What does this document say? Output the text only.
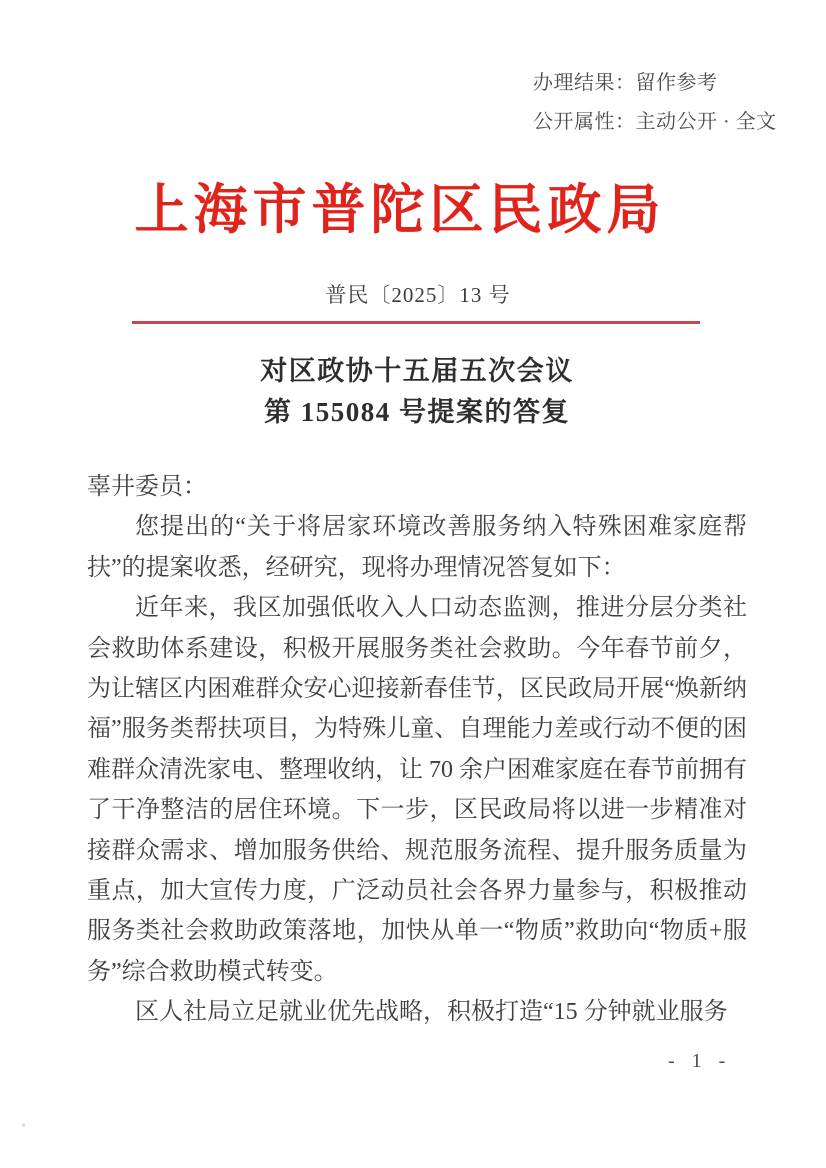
办理结果：留作参考
公开属性：主动公开 · 全文
上海市普陀区民政局
普民〔2025〕13 号
对区政协十五届五次会议
第 155084 号提案的答复

辜井委员：

您提出的“关于将居家环境改善服务纳入特殊困难家庭帮扶”的提案收悉，经研究，现将办理情况答复如下：

近年来，我区加强低收入人口动态监测，推进分层分类社会救助体系建设，积极开展服务类社会救助。今年春节前夕，为让辖区内困难群众安心迎接新春佳节，区民政局开展“焕新纳福”服务类帮扶项目，为特殊儿童、自理能力差或行动不便的困难群众清洗家电、整理收纳，让 70 余户困难家庭在春节前拥有了干净整洁的居住环境。下一步，区民政局将以进一步精准对接群众需求、增加服务供给、规范服务流程、提升服务质量为重点，加大宣传力度，广泛动员社会各界力量参与，积极推动服务类社会救助政策落地，加快从单一“物质”救助向“物质+服务”综合救助模式转变。

区人社局立足就业优先战略，积极打造“15 分钟就业服务

- 1 -
